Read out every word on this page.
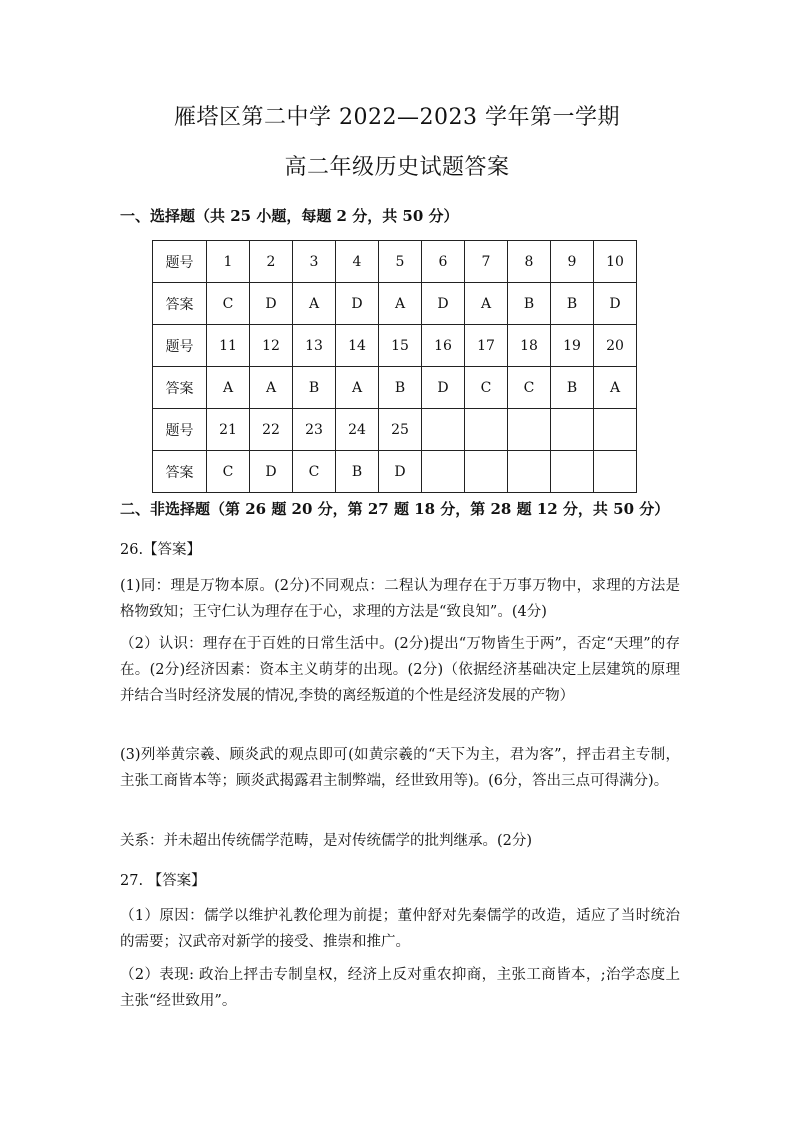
雁塔区第二中学 2022—2023 学年第一学期
高二年级历史试题答案
一、选择题（共 25 小题，每题 2 分，共 50 分）
题号	1	2	3	4	5	6	7	8	9	10
答案	C	D	A	D	A	D	A	B	B	D
题号	11	12	13	14	15	16	17	18	19	20
答案	A	A	B	A	B	D	C	C	B	A
题号	21	22	23	24	25					
答案	C	D	C	B	D					
二、非选择题（第 26 题 20 分，第 27 题 18 分，第 28 题 12 分，共 50 分）
26.【答案】
(1)同：理是万物本原。(2分)不同观点：二程认为理存在于万事万物中，求理的方法是格物致知；王守仁认为理存在于心，求理的方法是“致良知”。(4分)
（2）认识：理存在于百姓的日常生活中。(2分)提出“万物皆生于两”，否定“天理”的存在。(2分)经济因素：资本主义萌芽的出现。(2分)（依据经济基础决定上层建筑的原理并结合当时经济发展的情况,李贽的离经叛道的个性是经济发展的产物）
(3)列举黄宗羲、顾炎武的观点即可(如黄宗羲的“天下为主，君为客”，抨击君主专制，主张工商皆本等；顾炎武揭露君主制弊端，经世致用等)。(6分，答出三点可得满分)。
关系：并未超出传统儒学范畴，是对传统儒学的批判继承。(2分)
27. 【答案】
（1）原因：儒学以维护礼教伦理为前提；董仲舒对先秦儒学的改造，适应了当时统治的需要；汉武帝对新学的接受、推崇和推广。
（2）表现: 政治上抨击专制皇权，经济上反对重农抑商，主张工商皆本，;治学态度上主张“经世致用”。
